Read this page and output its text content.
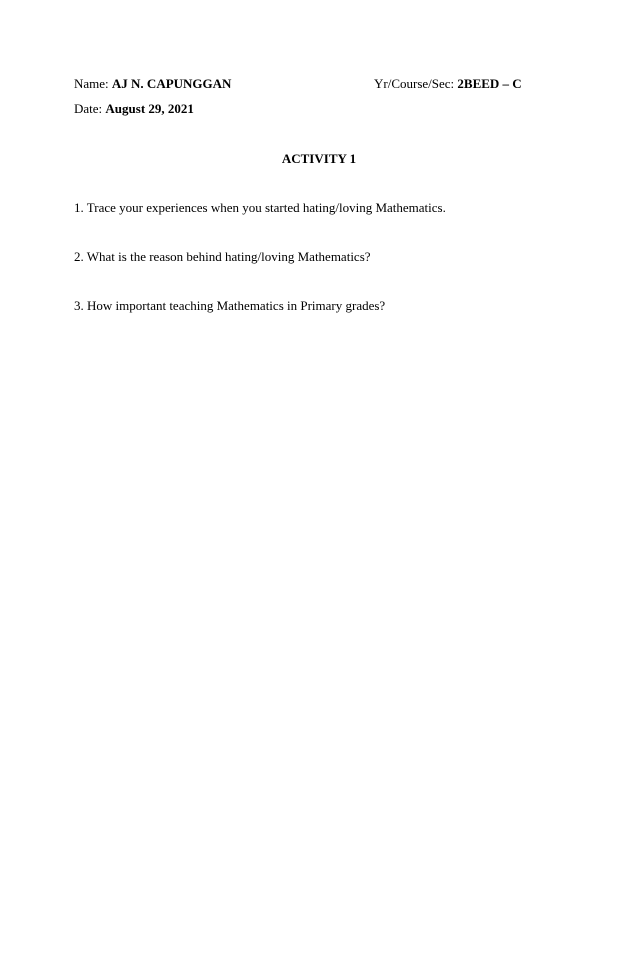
Name: AJ N. CAPUNGGAN	Yr/Course/Sec: 2BEED – C
Date: August 29, 2021
ACTIVITY 1
1. Trace your experiences when you started hating/loving Mathematics.
2. What is the reason behind hating/loving Mathematics?
3. How important teaching Mathematics in Primary grades?
